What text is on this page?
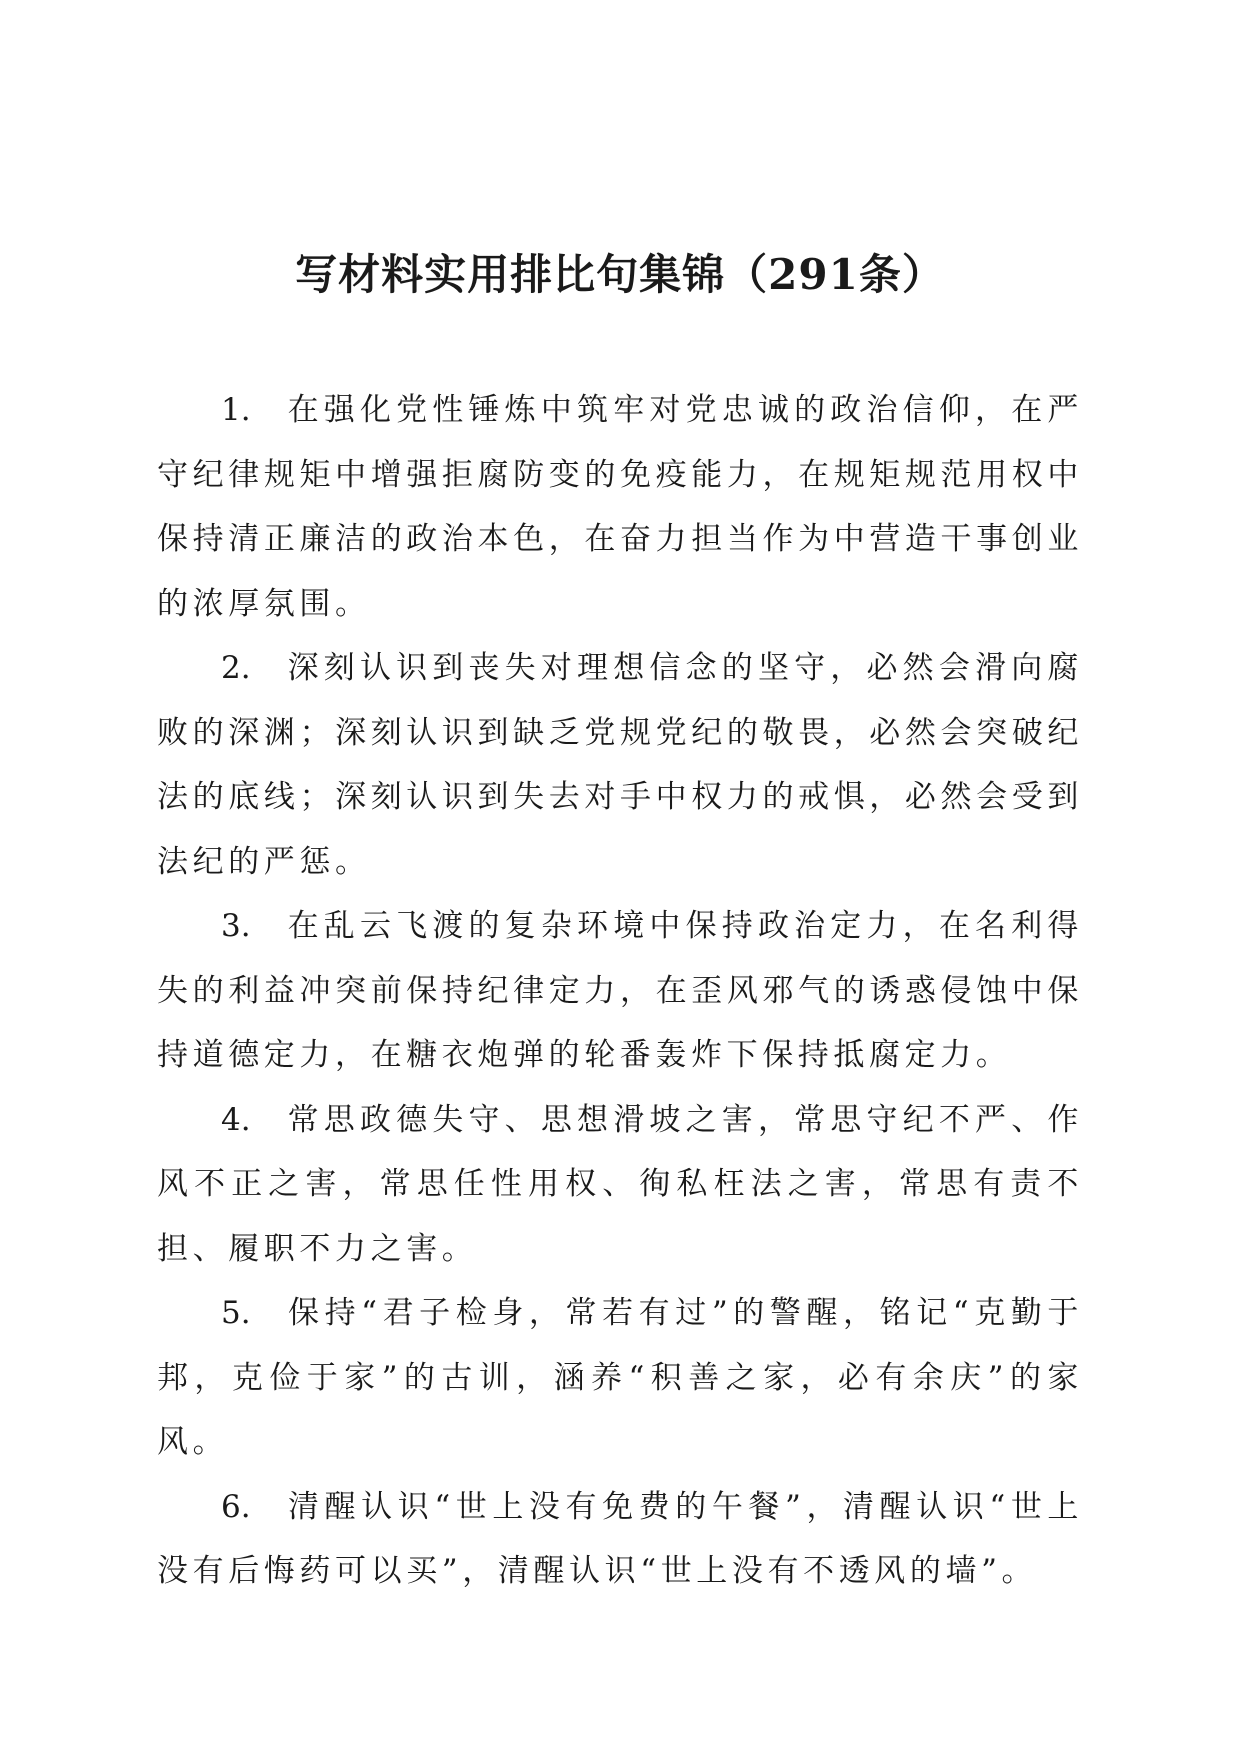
写材料实用排比句集锦（291条）

1. 在强化党性锤炼中筑牢对党忠诚的政治信仰，在严守纪律规矩中增强拒腐防变的免疫能力，在规矩规范用权中保持清正廉洁的政治本色，在奋力担当作为中营造干事创业的浓厚氛围。

2. 深刻认识到丧失对理想信念的坚守，必然会滑向腐败的深渊；深刻认识到缺乏党规党纪的敬畏，必然会突破纪法的底线；深刻认识到失去对手中权力的戒惧，必然会受到法纪的严惩。

3. 在乱云飞渡的复杂环境中保持政治定力，在名利得失的利益冲突前保持纪律定力，在歪风邪气的诱惑侵蚀中保持道德定力，在糖衣炮弹的轮番轰炸下保持抵腐定力。

4. 常思政德失守、思想滑坡之害，常思守纪不严、作风不正之害，常思任性用权、徇私枉法之害，常思有责不担、履职不力之害。

5. 保持“君子检身，常若有过”的警醒，铭记“克勤于邦，克俭于家”的古训，涵养“积善之家，必有余庆”的家风。

6. 清醒认识“世上没有免费的午餐”，清醒认识“世上没有后悔药可以买”，清醒认识“世上没有不透风的墙”。
